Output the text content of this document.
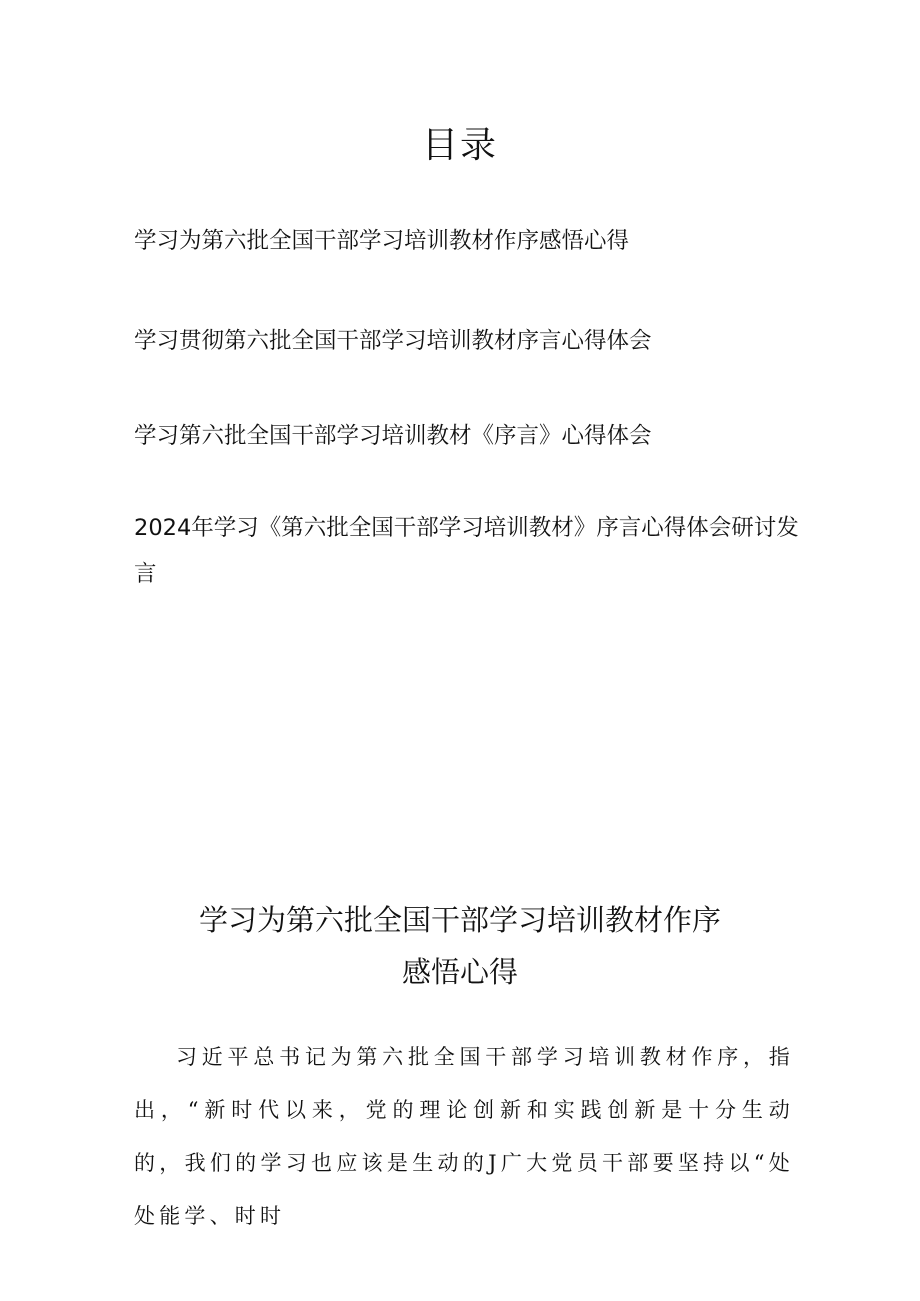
目录
学习为第六批全国干部学习培训教材作序感悟心得
学习贯彻第六批全国干部学习培训教材序言心得体会
学习第六批全国干部学习培训教材《序言》心得体会
2024年学习《第六批全国干部学习培训教材》序言心得体会研讨发言
学习为第六批全国干部学习培训教材作序
感悟心得
习近平总书记为第六批全国干部学习培训教材作序，指出，“新时代以来，党的理论创新和实践创新是十分生动的，我们的学习也应该是生动的J广大党员干部要坚持以“处处能学、时时
